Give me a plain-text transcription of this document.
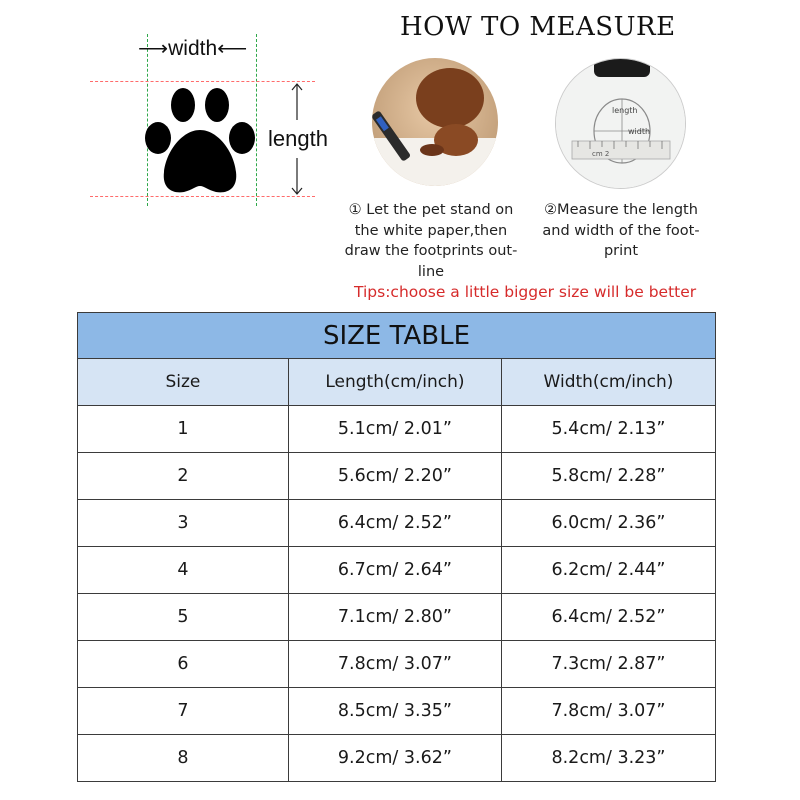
⟶width⟵
length
HOW TO MEASURE
length
width
cm 2
① Let the pet stand on the white paper,then draw the footprints out-line
②Measure the length and width of the foot-print
Tips:choose a little bigger size will be better
SIZE TABLE		
Size	Length(cm/inch)	Width(cm/inch)
1	5.1cm/ 2.01”	5.4cm/ 2.13”
2	5.6cm/ 2.20”	5.8cm/ 2.28”
3	6.4cm/ 2.52”	6.0cm/ 2.36”
4	6.7cm/ 2.64”	6.2cm/ 2.44”
5	7.1cm/ 2.80”	6.4cm/ 2.52”
6	7.8cm/ 3.07”	7.3cm/ 2.87”
7	8.5cm/ 3.35”	7.8cm/ 3.07”
8	9.2cm/ 3.62”	8.2cm/ 3.23”
